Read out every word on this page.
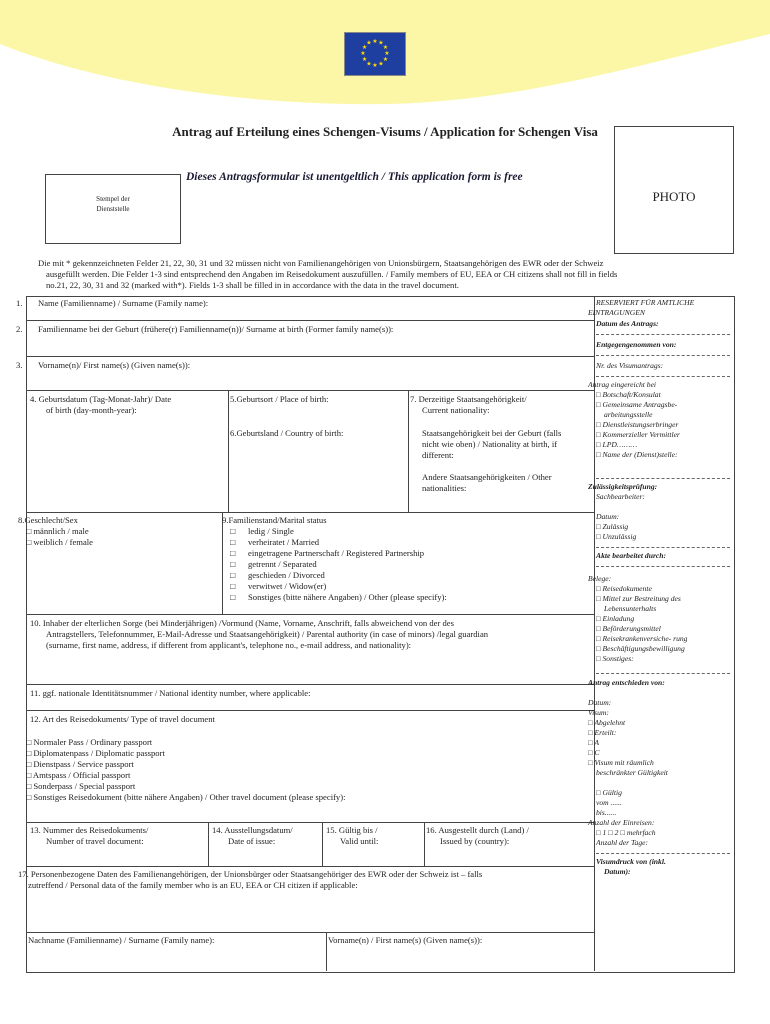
★ ★
★
★
★
★
★
★
★
★
★
★
Antrag auf Erteilung eines Schengen-Visums / Application for Schengen Visa
Dieses Antragsformular ist unentgeltlich / This application form is free
Stempel der
Dienststelle
PHOTO
Die mit * gekennzeichneten Felder 21, 22, 30, 31 und 32 müssen nicht von Familienangehörigen von Unionsbürgern, Staatsangehörigen des EWR oder der Schweiz
ausgefüllt werden. Die Felder 1-3 sind entsprechend den Angaben im Reisedokument auszufüllen. / Family members of EU, EEA or CH citizens shall not fill in fields
no.21, 22, 30, 31 and 32 (marked with*). Fields 1-3 shall be filled in in accordance with the data in the travel document.
1.
2.
3.
Name (Familienname) / Surname (Family name):
Familienname bei der Geburt (frühere(r) Familienname(n))/ Surname at birth (Former family name(s)):
Vorname(n)/ First name(s) (Given name(s)):
4. Geburtsdatum (Tag-Monat-Jahr)/ Date
of birth (day-month-year):
5.Geburtsort / Place of birth:
6.Geburtsland / Country of birth:
7. Derzeitige Staatsangehörigkeit/
Current nationality:
Staatsangehörigkeit bei der Geburt (falls
nicht wie oben) / Nationality at birth, if
different:
Andere Staatsangehörigkeiten / Other
nationalities:
8.Geschlecht/Sex
□ männlich / male
□ weiblich / female
9.Familienstand/Marital status
□ ledig / Single
□ verheiratet / Married
□ eingetragene Partnerschaft / Registered Partnership
□ getrennt / Separated
□ geschieden / Divorced
□ verwitwet / Widow(er)
□ Sonstiges (bitte nähere Angaben) / Other (please specify):
10. Inhaber der elterlichen Sorge (bei Minderjährigen) /Vormund (Name, Vorname, Anschrift, falls abweichend von der des
Antragstellers, Telefonnummer, E-Mail-Adresse und Staatsangehörigkeit) / Parental authority (in case of minors) /legal guardian
(surname, first name, address, if different from applicant's, telephone no., e-mail address, and nationality):
11. ggf. nationale Identitätsnummer / National identity number, where applicable:
12. Art des Reisedokuments/ Type of travel document
□ Normaler Pass / Ordinary passport
□ Diplomatenpass / Diplomatic passport
□ Dienstpass / Service passport
□ Amtspass / Official passport
□ Sonderpass / Special passport
□ Sonstiges Reisedokument (bitte nähere Angaben) / Other travel document (please specify):
13. Nummer des Reisedokuments/
Number of travel document:
14. Ausstellungsdatum/
Date of issue:
15. Gültig bis /
Valid until:
16. Ausgestellt durch (Land) /
Issued by (country):
17. Personenbezogene Daten des Familienangehörigen, der Unionsbürger oder Staatsangehöriger des EWR oder der Schweiz ist – falls
zutreffend / Personal data of the family member who is an EU, EEA or CH citizen if applicable:
Nachname (Familienname) / Surname (Family name):	Vorname(n) / First name(s) (Given name(s)):
RESERVIERT FÜR AMTLICHE
EINTRAGUNGEN
Datum des Antrags:
Entgegengenommen von:
Nr. des Visumantrags:
Antrag eingereicht bei
□ Botschaft/Konsulat
□ Gemeinsame Antragsbe-
arbeitungsstelle
□ Dienstleistungserbringer
□ Kommerzieller Vermittler
□ LPD………
□ Name der (Dienst)stelle:
Zulässigkeitsprüfung:
Sachbearbeiter:
Datum:
□ Zulässig
□ Unzulässig
Akte bearbeitet durch:
Belege:
□ Reisedokumente
□ Mittel zur Bestreitung des
Lebensunterhalts
□ Einladung
□ Beförderungsmittel
□ Reisekrankenversiche- rung
□ Beschäftigungsbewilligung
□ Sonstiges:
Antrag entschieden von:
Datum:
Visum:
□ Abgelehnt
□ Erteilt:
□ A
□ C
□ Visum mit räumlich
beschränkter Gültigkeit
□ Gültig
vom ......
bis......
Anzahl der Einreisen:
□ 1 □ 2 □ mehrfach
Anzahl der Tage:
Visumdruck von (inkl.
Datum):
